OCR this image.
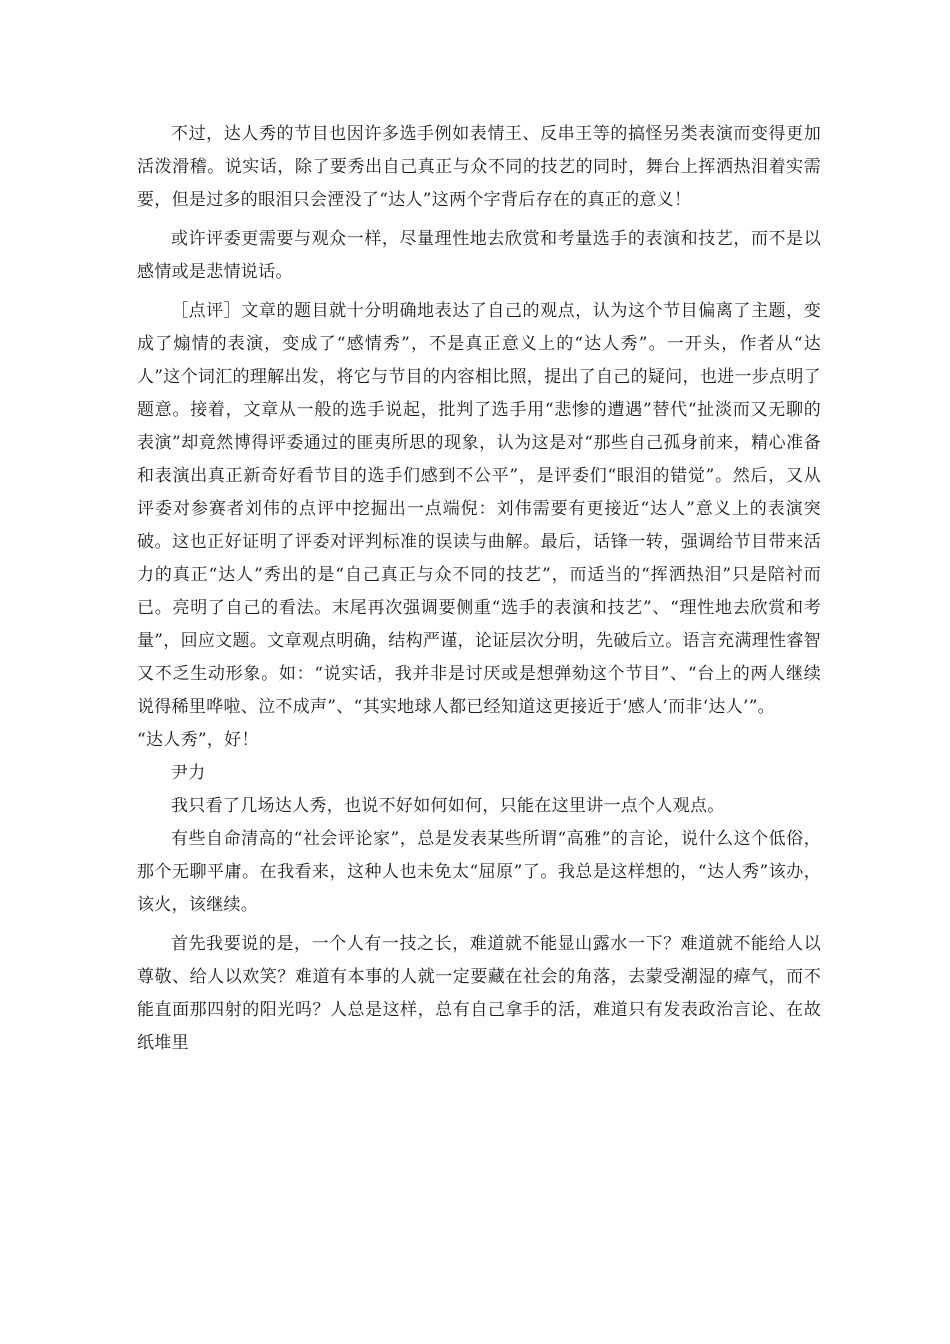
不过，达人秀的节目也因许多选手例如表情王、反串王等的搞怪另类表演而变得更加活泼滑稽。说实话，除了要秀出自己真正与众不同的技艺的同时，舞台上挥洒热泪着实需要，但是过多的眼泪只会湮没了“达人”这两个字背后存在的真正的意义！

或许评委更需要与观众一样，尽量理性地去欣赏和考量选手的表演和技艺，而不是以感情或是悲情说话。

［点评］文章的题目就十分明确地表达了自己的观点，认为这个节目偏离了主题，变成了煽情的表演，变成了“感情秀”，不是真正意义上的“达人秀”。一开头，作者从“达人”这个词汇的理解出发，将它与节目的内容相比照，提出了自己的疑问，也进一步点明了题意。接着，文章从一般的选手说起，批判了选手用“悲惨的遭遇”替代“扯淡而又无聊的表演”却竟然博得评委通过的匪夷所思的现象，认为这是对“那些自己孤身前来，精心准备和表演出真正新奇好看节目的选手们感到不公平”，是评委们“眼泪的错觉”。然后，又从评委对参赛者刘伟的点评中挖掘出一点端倪：刘伟需要有更接近“达人”意义上的表演突破。这也正好证明了评委对评判标准的误读与曲解。最后，话锋一转，强调给节目带来活力的真正“达人”秀出的是“自己真正与众不同的技艺”，而适当的“挥洒热泪”只是陪衬而已。亮明了自己的看法。末尾再次强调要侧重“选手的表演和技艺”、“理性地去欣赏和考量”，回应文题。文章观点明确，结构严谨，论证层次分明，先破后立。语言充满理性睿智又不乏生动形象。如：“说实话，我并非是讨厌或是想弹劾这个节目”、“台上的两人继续说得稀里哗啦、泣不成声”、“其实地球人都已经知道这更接近于‘感人’而非‘达人’”。

“达人秀”，好！

尹力

我只看了几场达人秀，也说不好如何如何，只能在这里讲一点个人观点。

有些自命清高的“社会评论家”，总是发表某些所谓“高雅”的言论，说什么这个低俗，那个无聊平庸。在我看来，这种人也未免太“屈原”了。我总是这样想的，“达人秀”该办，该火，该继续。

首先我要说的是，一个人有一技之长，难道就不能显山露水一下？难道就不能给人以尊敬、给人以欢笑？难道有本事的人就一定要藏在社会的角落，去蒙受潮湿的瘴气，而不能直面那四射的阳光吗？人总是这样，总有自己拿手的活，难道只有发表政治言论、在故纸堆里
